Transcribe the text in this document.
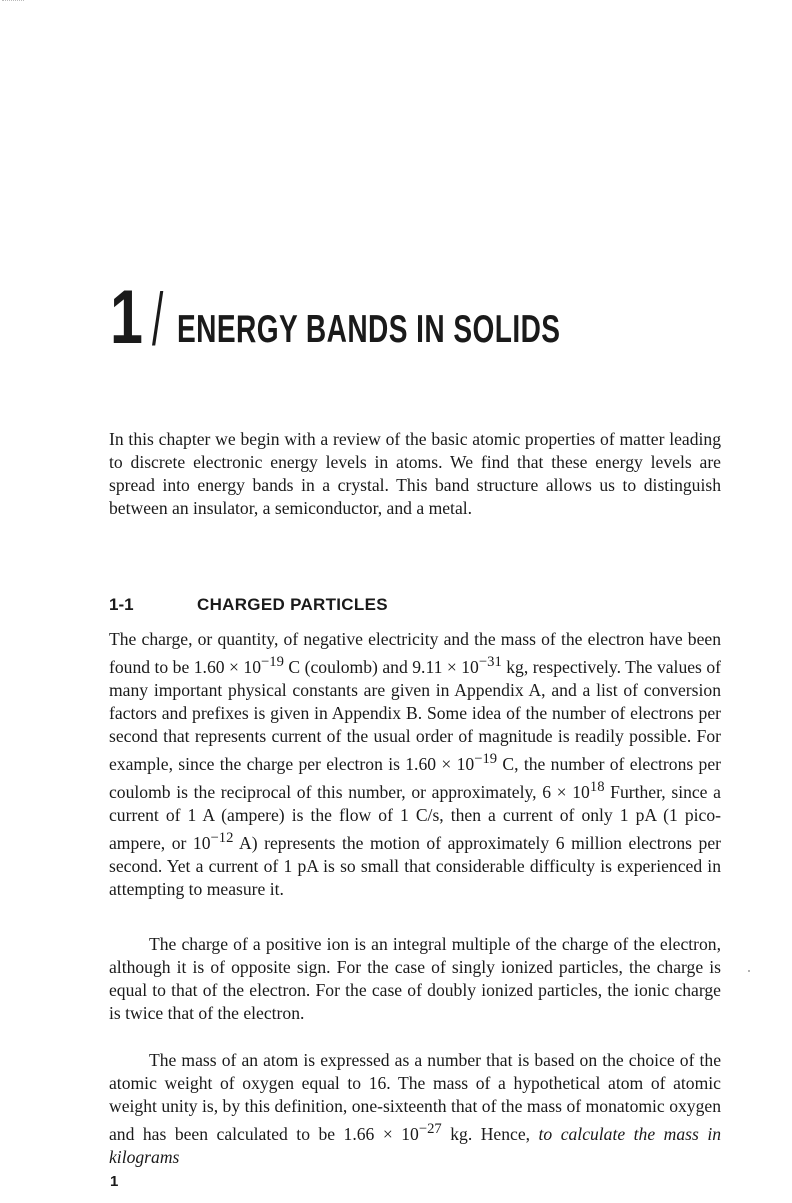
1 / ENERGY BANDS IN SOLIDS

In this chapter we begin with a review of the basic atomic properties of matter leading to discrete electronic energy levels in atoms. We find that these energy levels are spread into energy bands in a crystal. This band structure allows us to distinguish between an insulator, a semiconductor, and a metal.

1-1	CHARGED PARTICLES

The charge, or quantity, of negative electricity and the mass of the electron have been found to be $1.60 \times 10^{-19}$ C (coulomb) and $9.11 \times 10^{-31}$ kg, respectively. The values of many important physical constants are given in Appendix A, and a list of conversion factors and prefixes is given in Appendix B. Some idea of the number of electrons per second that represents current of the usual order of magnitude is readily possible. For example, since the charge per electron is $1.60 \times 10^{-19}$ C, the number of electrons per coulomb is the reciprocal of this number, or approximately, $6 \times 10^{18}$ Further, since a current of 1 A (ampere) is the flow of 1 C/s, then a current of only 1 pA (1 pico-ampere, or $10^{-12}$ A) represents the motion of approximately 6 million electrons per second. Yet a current of 1 pA is so small that considerable difficulty is experienced in attempting to measure it.

The charge of a positive ion is an integral multiple of the charge of the electron, although it is of opposite sign. For the case of singly ionized particles, the charge is equal to that of the electron. For the case of doubly ionized particles, the ionic charge is twice that of the electron.

The mass of an atom is expressed as a number that is based on the choice of the atomic weight of oxygen equal to 16. The mass of a hypothetical atom of atomic weight unity is, by this definition, one-sixteenth that of the mass of monatomic oxygen and has been calculated to be $1.66 \times 10^{-27}$ kg. Hence, to calculate the mass in kilograms

1
